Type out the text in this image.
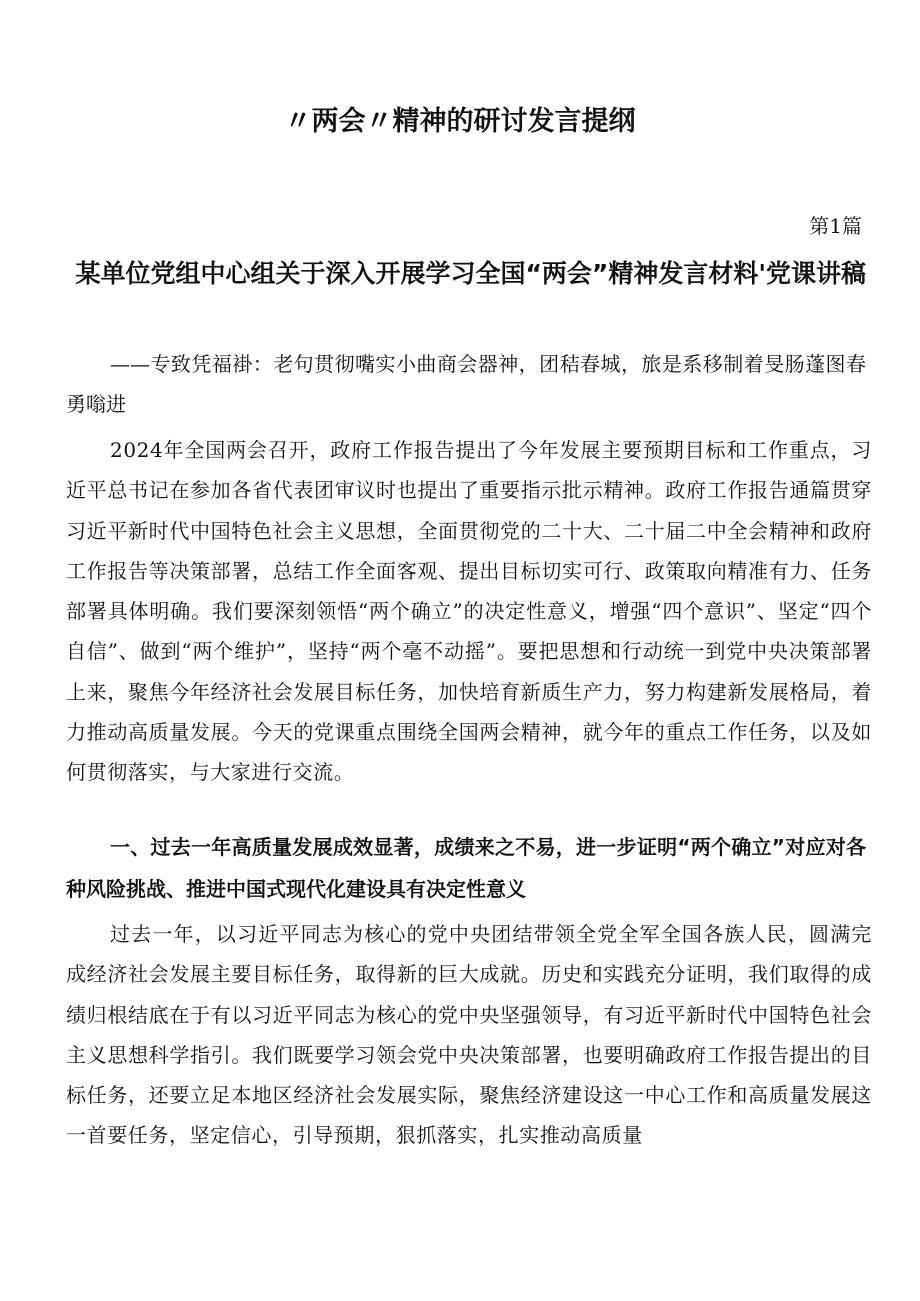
〃两会〃精神的研讨发言提纲
第1篇
某单位党组中心组关于深入开展学习全国“两会”精神发言材料'党课讲稿
——专致凭福褂：老句贯彻嘴实小曲商会器神，团秸春城，旅是系移制着旻肠蓬图春勇嗡进
2024年全国两会召开，政府工作报告提出了今年发展主要预期目标和工作重点，习近平总书记在参加各省代表团审议时也提出了重要指示批示精神。政府工作报告通篇贯穿习近平新时代中国特色社会主义思想，全面贯彻党的二十大、二十届二中全会精神和政府工作报告等决策部署，总结工作全面客观、提出目标切实可行、政策取向精准有力、任务部署具体明确。我们要深刻领悟“两个确立”的决定性意义，增强“四个意识”、坚定“四个自信”、做到“两个维护”，坚持“两个毫不动摇”。要把思想和行动统一到党中央决策部署上来，聚焦今年经济社会发展目标任务，加快培育新质生产力，努力构建新发展格局，着力推动高质量发展。今天的党课重点围绕全国两会精神，就今年的重点工作任务，以及如何贯彻落实，与大家进行交流。
一、过去一年高质量发展成效显著，成绩来之不易，进一步证明“两个确立”对应对各种风险挑战、推进中国式现代化建设具有决定性意义
过去一年，以习近平同志为核心的党中央团结带领全党全军全国各族人民，圆满完成经济社会发展主要目标任务，取得新的巨大成就。历史和实践充分证明，我们取得的成绩归根结底在于有以习近平同志为核心的党中央坚强领导，有习近平新时代中国特色社会主义思想科学指引。我们既要学习领会党中央决策部署，也要明确政府工作报告提出的目标任务，还要立足本地区经济社会发展实际，聚焦经济建设这一中心工作和高质量发展这一首要任务，坚定信心，引导预期，狠抓落实，扎实推动高质量
